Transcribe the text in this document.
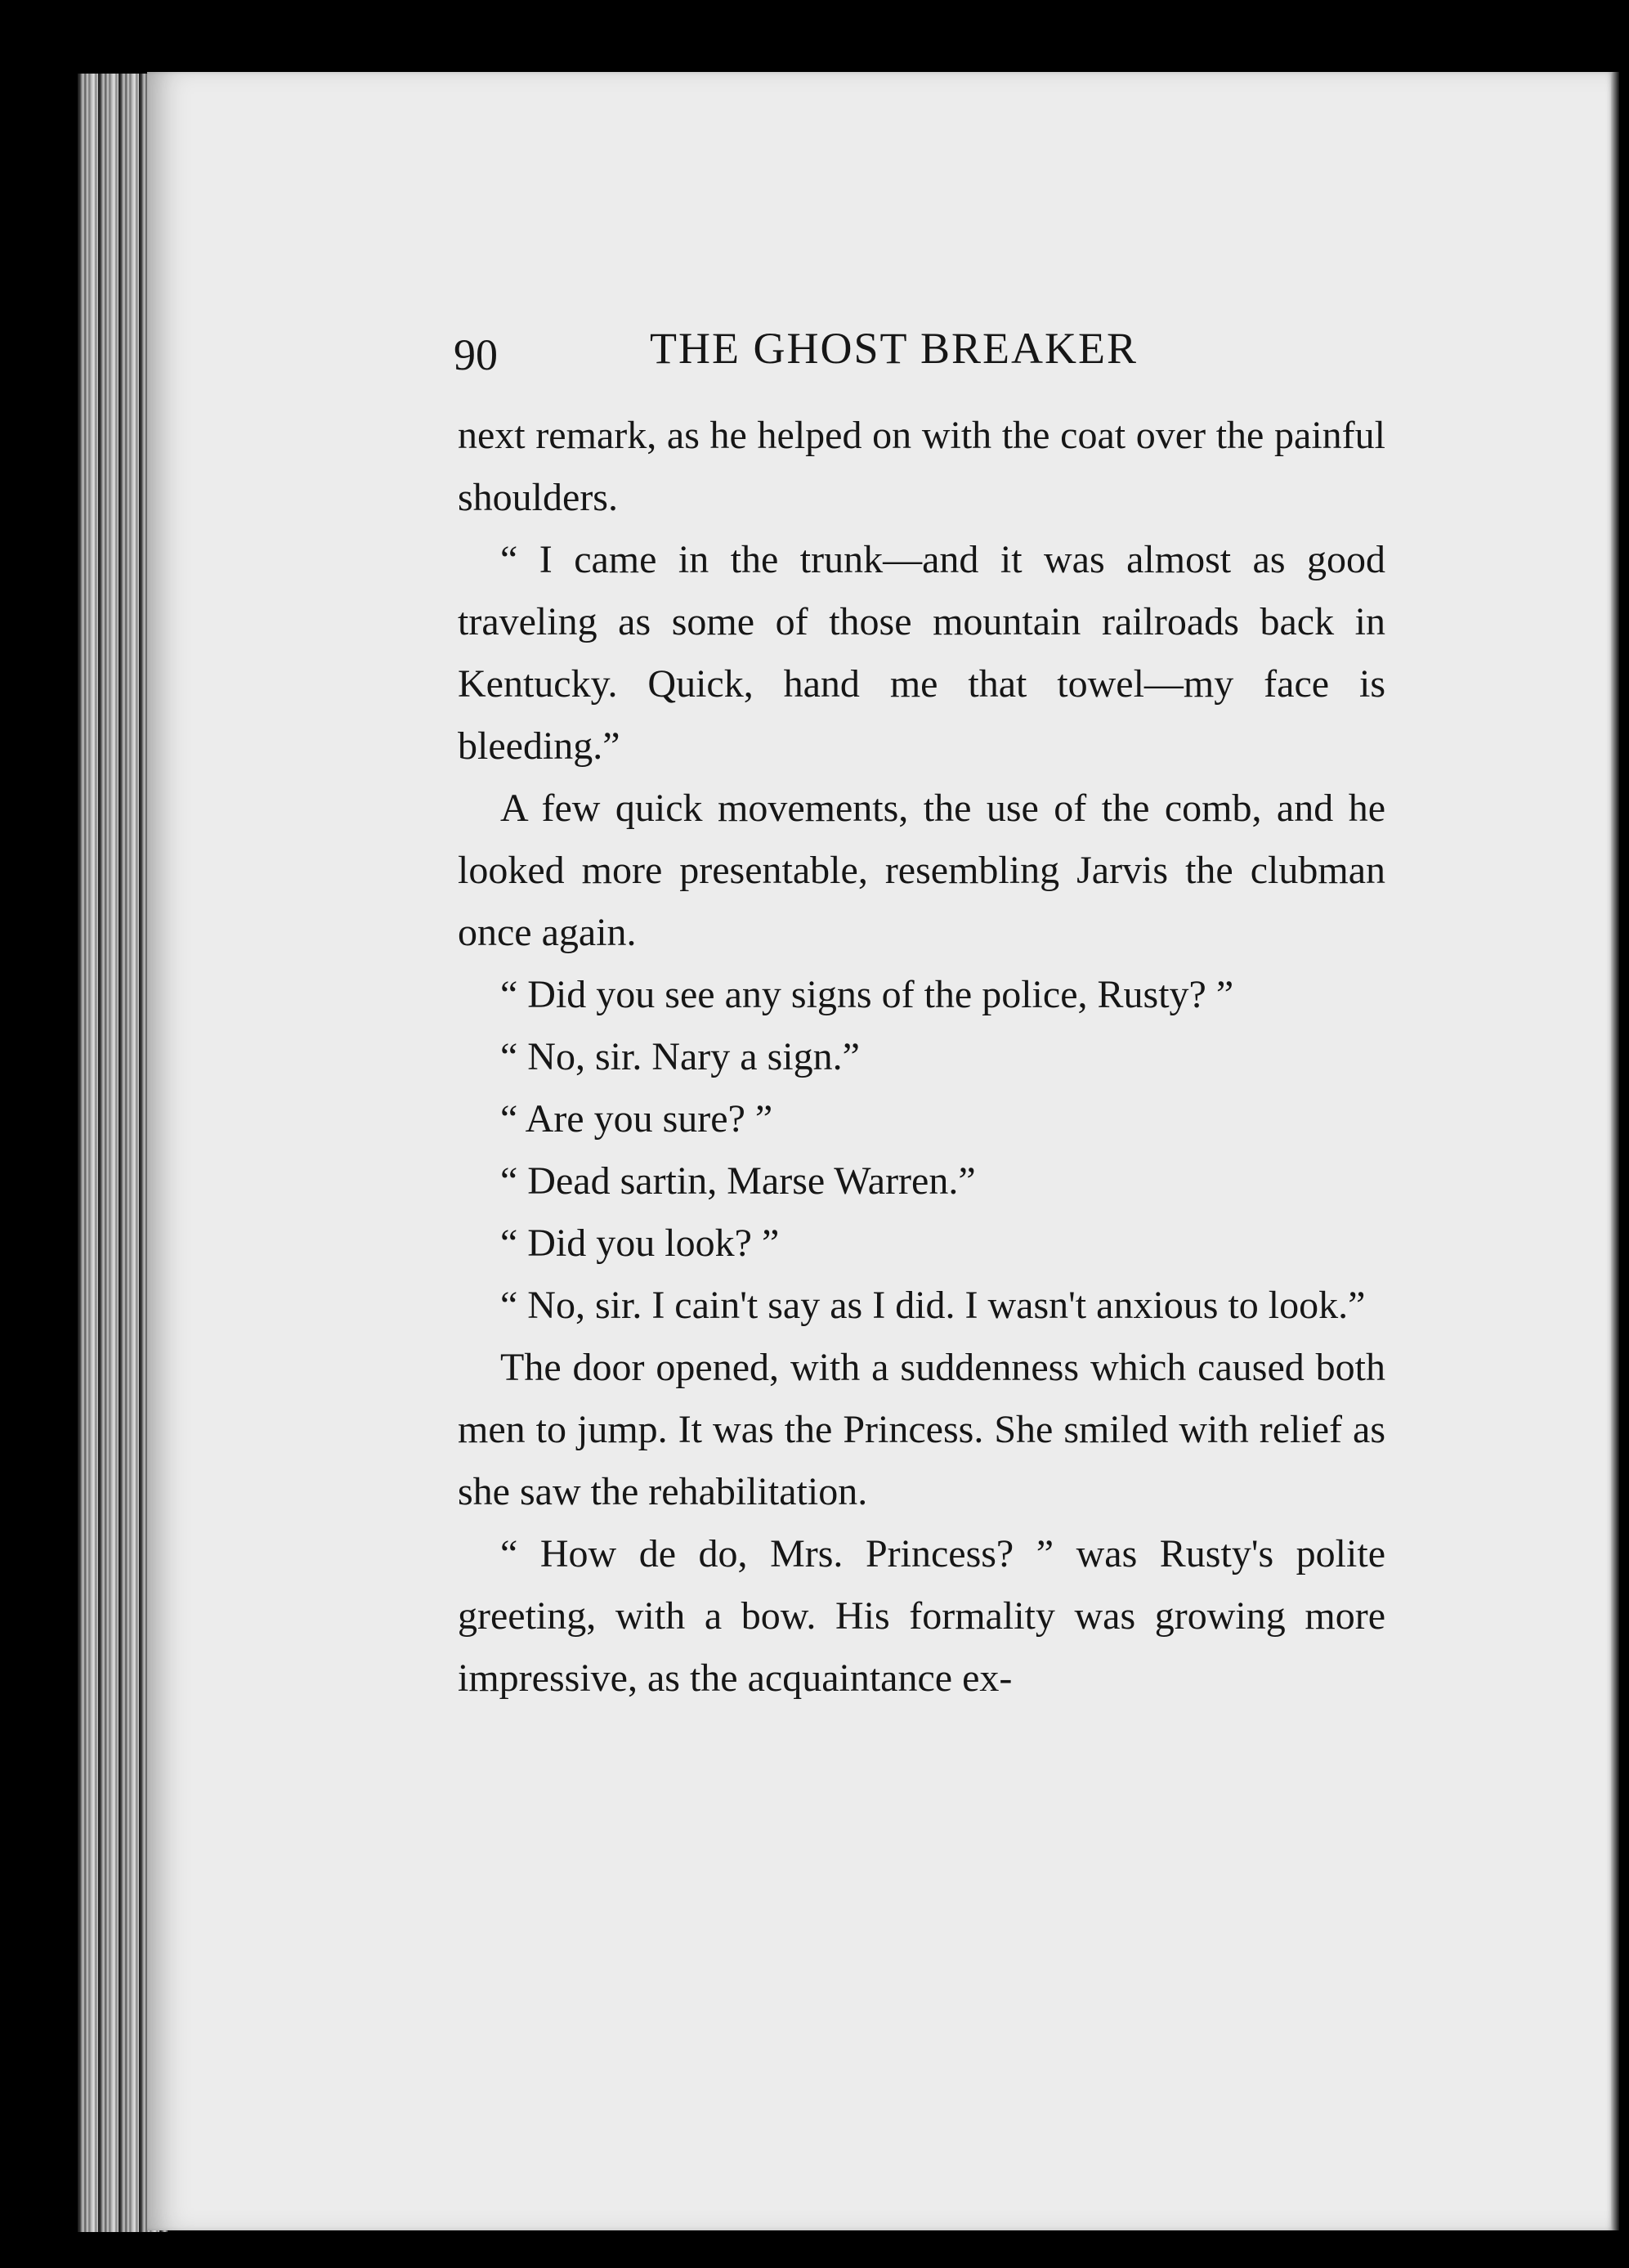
90	THE GHOST BREAKER

next remark, as he helped on with the coat over the painful shoulders.

“ I came in the trunk—and it was almost as good traveling as some of those mountain railroads back in Kentucky. Quick, hand me that towel—my face is bleeding.”

A few quick movements, the use of the comb, and he looked more presentable, resembling Jarvis the clubman once again.

“ Did you see any signs of the police, Rusty? ”

“ No, sir. Nary a sign.”

“ Are you sure? ”

“ Dead sartin, Marse Warren.”

“ Did you look? ”

“ No, sir. I cain't say as I did. I wasn't anxious to look.”

The door opened, with a suddenness which caused both men to jump. It was the Princess. She smiled with relief as she saw the rehabilitation.

“ How de do, Mrs. Princess? ” was Rusty's polite greeting, with a bow. His formality was growing more impressive, as the acquaintance ex-
